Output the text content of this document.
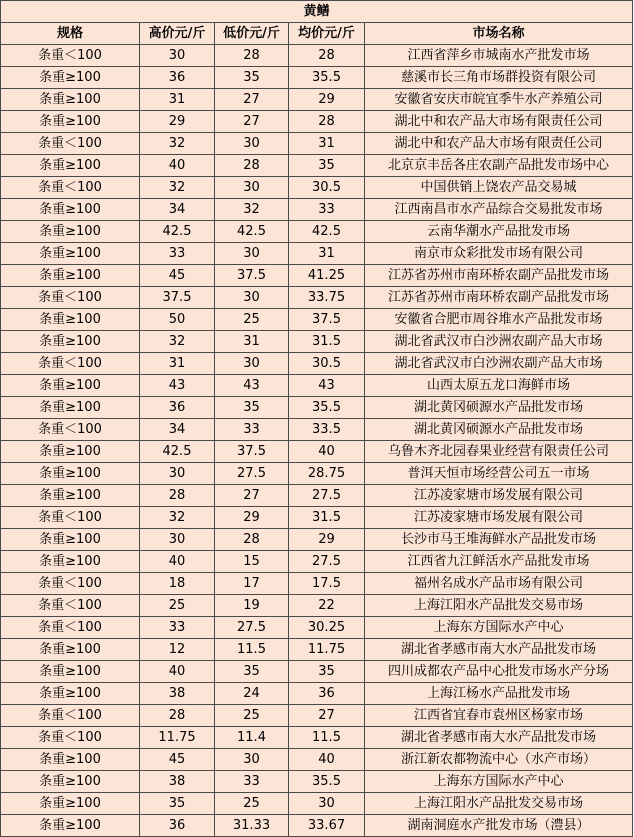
黄鳝				
规格	高价元/斤	低价元/斤	均价元/斤	市场名称
条重＜100	30	28	28	江西省萍乡市城南水产批发市场
条重≥100	36	35	35.5	慈溪市长三角市场群投资有限公司
条重≥100	31	27	29	安徽省安庆市皖宜季牛水产养殖公司
条重≥100	29	27	28	湖北中和农产品大市场有限责任公司
条重＜100	32	30	31	湖北中和农产品大市场有限责任公司
条重≥100	40	28	35	北京京丰岳各庄农副产品批发市场中心
条重＜100	32	30	30.5	中国供销上饶农产品交易城
条重≥100	34	32	33	江西南昌市水产品综合交易批发市场
条重≥100	42.5	42.5	42.5	云南华潮水产品批发市场
条重≥100	33	30	31	南京市众彩批发市场有限公司
条重≥100	45	37.5	41.25	江苏省苏州市南环桥农副产品批发市场
条重＜100	37.5	30	33.75	江苏省苏州市南环桥农副产品批发市场
条重≥100	50	25	37.5	安徽省合肥市周谷堆水产品批发市场
条重≥100	32	31	31.5	湖北省武汉市白沙洲农副产品大市场
条重＜100	31	30	30.5	湖北省武汉市白沙洲农副产品大市场
条重≥100	43	43	43	山西太原五龙口海鲜市场
条重≥100	36	35	35.5	湖北黄冈硕源水产品批发市场
条重＜100	34	33	33.5	湖北黄冈硕源水产品批发市场
条重≥100	42.5	37.5	40	乌鲁木齐北园春果业经营有限责任公司
条重≥100	30	27.5	28.75	普洱天恒市场经营公司五一市场
条重≥100	28	27	27.5	江苏凌家塘市场发展有限公司
条重＜100	32	29	31.5	江苏凌家塘市场发展有限公司
条重≥100	30	28	29	长沙市马王堆海鲜水产品批发市场
条重≥100	40	15	27.5	江西省九江鲜活水产品批发市场
条重＜100	18	17	17.5	福州名成水产品市场有限公司
条重＜100	25	19	22	上海江阳水产品批发交易市场
条重＜100	33	27.5	30.25	上海东方国际水产中心
条重≥100	12	11.5	11.75	湖北省孝感市南大水产品批发市场
条重≥100	40	35	35	四川成都农产品中心批发市场水产分场
条重≥100	38	24	36	上海江杨水产品批发市场
条重＜100	28	25	27	江西省宜春市袁州区杨家市场
条重＜100	11.75	11.4	11.5	湖北省孝感市南大水产品批发市场
条重≥100	45	30	40	浙江新农都物流中心（水产市场）
条重≥100	38	33	35.5	上海东方国际水产中心
条重≥100	35	25	30	上海江阳水产品批发交易市场
条重≥100	36	31.33	33.67	湖南洞庭水产批发市场（澧县）
